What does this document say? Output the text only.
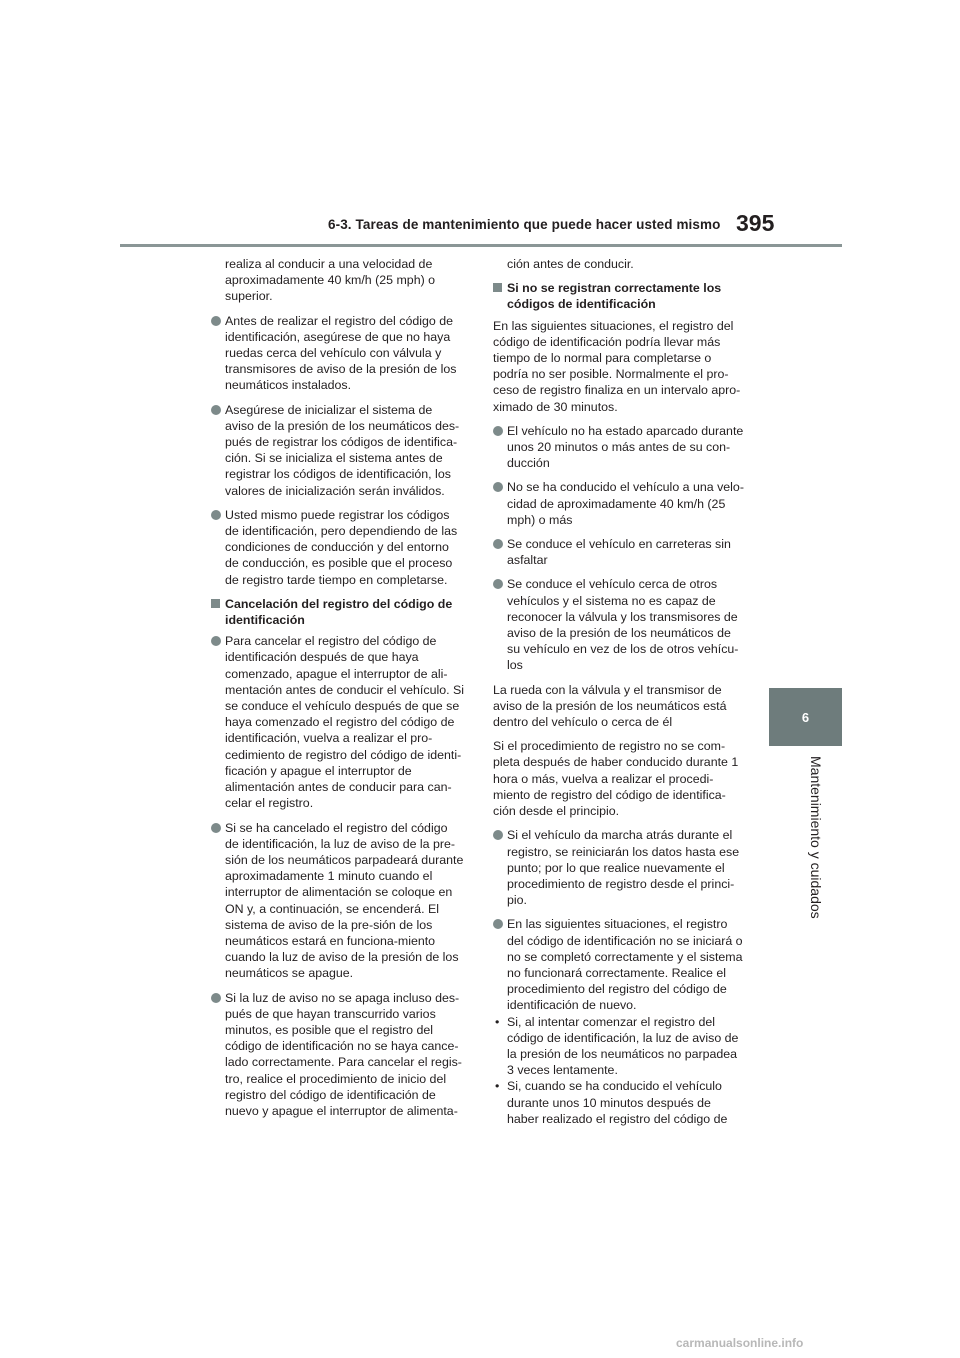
6-3. Tareas de mantenimiento que puede hacer usted mismo 395
6
Mantenimiento y cuidados

realiza al conducir a una velocidad de aproximadamente 40 km/h (25 mph) o superior.

Antes de realizar el registro del código de identificación, asegúrese de que no haya ruedas cerca del vehículo con válvula y transmisores de aviso de la presión de los neumáticos instalados.
Asegúrese de inicializar el sistema de aviso de la presión de los neumáticos des-pués de registrar los códigos de identifica-ción. Si se inicializa el sistema antes de registrar los códigos de identificación, los valores de inicialización serán inválidos.
Usted mismo puede registrar los códigos de identificación, pero dependiendo de las condiciones de conducción y del entorno de conducción, es posible que el proceso de registro tarde tiempo en completarse.
Cancelación del registro del código de identificación
Para cancelar el registro del código de identificación después de que haya comenzado, apague el interruptor de ali-mentación antes de conducir el vehículo. Si se conduce el vehículo después de que se haya comenzado el registro del código de identificación, vuelva a realizar el pro-cedimiento de registro del código de identi-ficación y apague el interruptor de alimentación antes de conducir para can-celar el registro.
Si se ha cancelado el registro del código de identificación, la luz de aviso de la pre-sión de los neumáticos parpadeará durante aproximadamente 1 minuto cuando el interruptor de alimentación se coloque en ON y, a continuación, se encenderá. El sistema de aviso de la pre-sión de los neumáticos estará en funciona-miento cuando la luz de aviso de la presión de los neumáticos se apague.
Si la luz de aviso no se apaga incluso des-pués de que hayan transcurrido varios minutos, es posible que el registro del código de identificación no se haya cance-lado correctamente. Para cancelar el regis-tro, realice el procedimiento de inicio del registro del código de identificación de nuevo y apague el interruptor de alimenta-

ción antes de conducir.

Si no se registran correctamente los códigos de identificación

En las siguientes situaciones, el registro del código de identificación podría llevar más tiempo de lo normal para completarse o podría no ser posible. Normalmente el pro-ceso de registro finaliza en un intervalo apro-ximado de 30 minutos.

El vehículo no ha estado aparcado durante unos 20 minutos o más antes de su con-ducción
No se ha conducido el vehículo a una velo-cidad de aproximadamente 40 km/h (25 mph) o más
Se conduce el vehículo en carreteras sin asfaltar
Se conduce el vehículo cerca de otros vehículos y el sistema no es capaz de reconocer la válvula y los transmisores de aviso de la presión de los neumáticos de su vehículo en vez de los de otros vehícu-los

La rueda con la válvula y el transmisor de aviso de la presión de los neumáticos está dentro del vehículo o cerca de él

Si el procedimiento de registro no se com-pleta después de haber conducido durante 1 hora o más, vuelva a realizar el procedi-miento de registro del código de identifica-ción desde el principio.

Si el vehículo da marcha atrás durante el registro, se reiniciarán los datos hasta ese punto; por lo que realice nuevamente el procedimiento de registro desde el princi-pio.
En las siguientes situaciones, el registro del código de identificación no se iniciará o no se completó correctamente y el sistema no funcionará correctamente. Realice el procedimiento del registro del código de identificación de nuevo.
• Si, al intentar comenzar el registro del código de identificación, la luz de aviso de la presión de los neumáticos no parpadea 3 veces lentamente.
• Si, cuando se ha conducido el vehículo durante unos 10 minutos después de haber realizado el registro del código de
carmanualsonline.info
